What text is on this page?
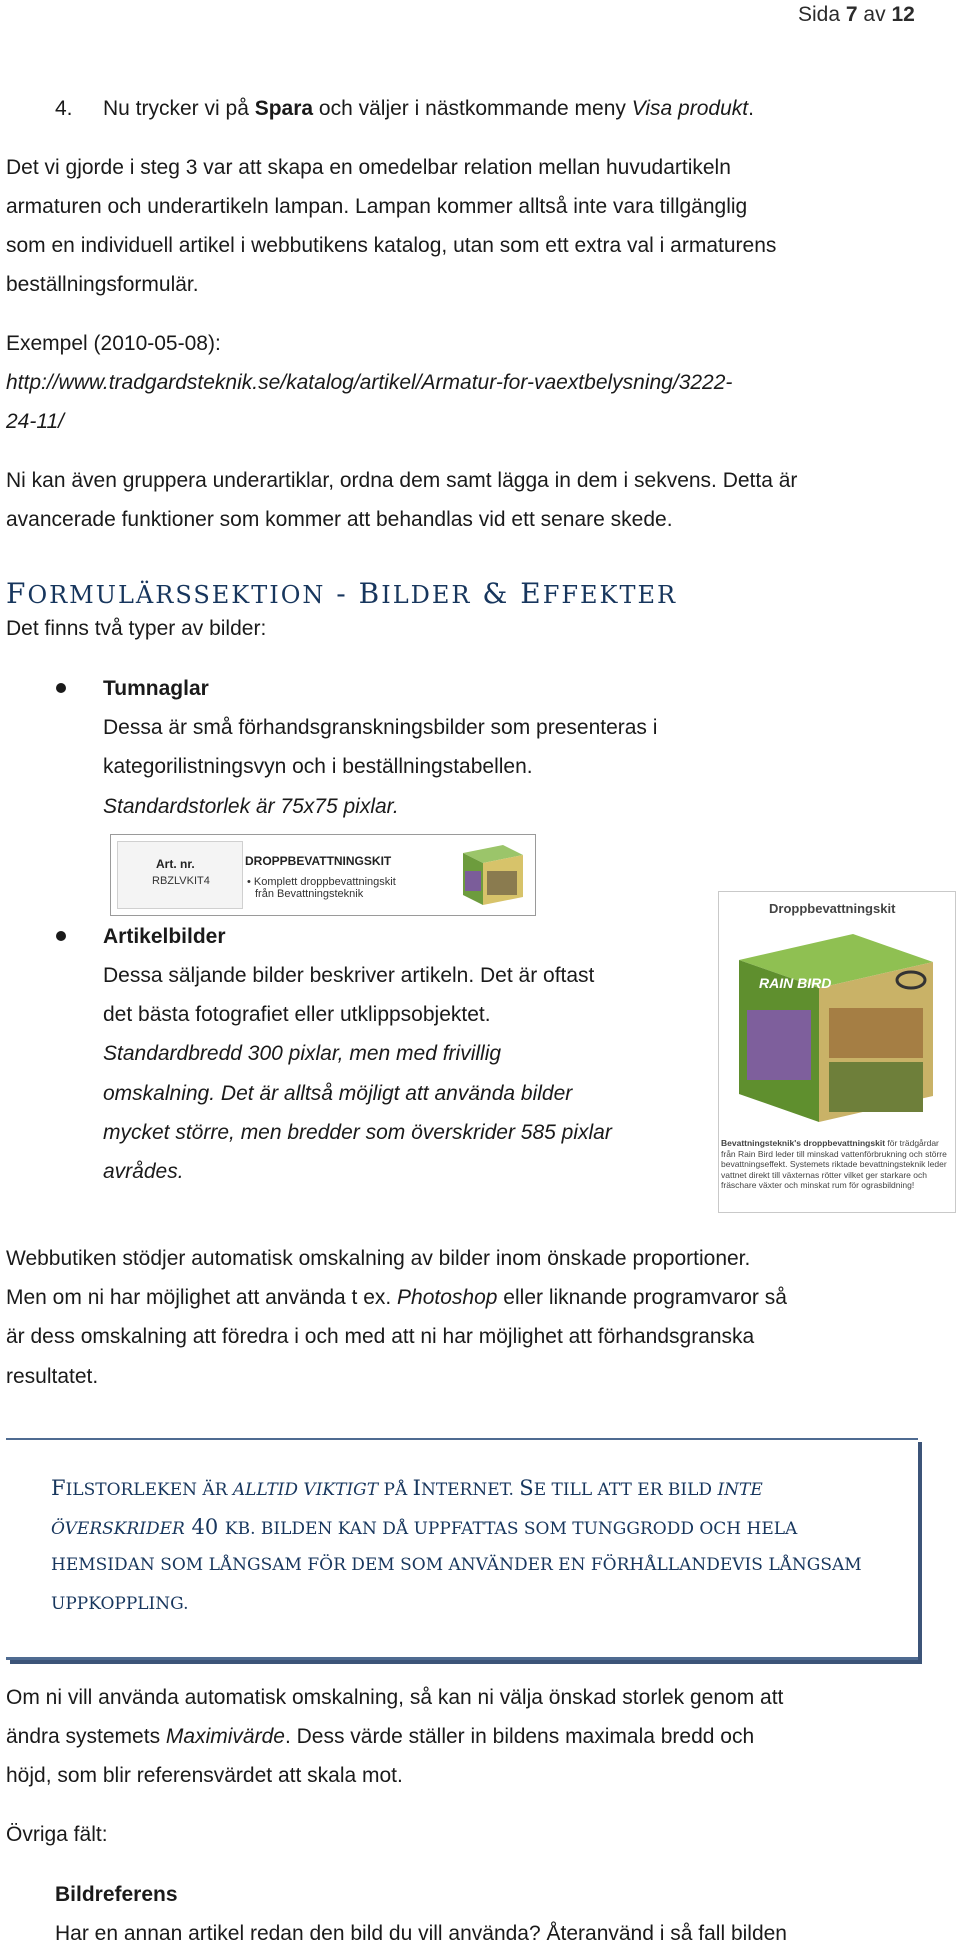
Sida 7 av 12
4. Nu trycker vi på Spara och väljer i nästkommande meny Visa produkt.
Det vi gjorde i steg 3 var att skapa en omedelbar relation mellan huvudartikeln
armaturen och underartikeln lampan. Lampan kommer alltså inte vara tillgänglig
som en individuell artikel i webbutikens katalog, utan som ett extra val i armaturens
beställningsformulär.
Exempel (2010-05-08):
http://www.tradgardsteknik.se/katalog/artikel/Armatur-for-vaextbelysning/3222-
24-11/
Ni kan även gruppera underartiklar, ordna dem samt lägga in dem i sekvens. Detta är
avancerade funktioner som kommer att behandlas vid ett senare skede.
FORMULÄRSSEKTION - BILDER & EFFEKTER
Det finns två typer av bilder:
Tumnaglar
Dessa är små förhandsgranskningsbilder som presenteras i
kategorilistningsvyn och i beställningstabellen.
Standardstorlek är 75x75 pixlar.
Art. nr.
RBZLVKIT4
DROPPBEVATTNINGSKIT
• Komplett droppbevattningskit
från Bevattningsteknik
Artikelbilder
Dessa säljande bilder beskriver artikeln. Det är oftast
det bästa fotografiet eller utklippsobjektet.
Standardbredd 300 pixlar, men med frivillig
omskalning. Det är alltså möjligt att använda bilder
mycket större, men bredder som överskrider 585 pixlar
avrådes.
Droppbevattningskit
RAIN BIRD
Bevattningsteknik's droppbevattningskit för trädgårdar
från Rain Bird leder till minskad vattenförbrukning och större
bevattningseffekt. Systemets riktade bevattningsteknik leder
vattnet direkt till växternas rötter vilket ger starkare och
fräschare växter och minskat rum för ograsbildning!
Webbutiken stödjer automatisk omskalning av bilder inom önskade proportioner.
Men om ni har möjlighet att använda t ex. Photoshop eller liknande programvaror så
är dess omskalning att föredra i och med att ni har möjlighet att förhandsgranska
resultatet.
FILSTORLEKEN ÄR ALLTID VIKTIGT PÅ INTERNET. SE TILL ATT ER BILD INTE
ÖVERSKRIDER 40 KB. BILDEN KAN DÅ UPPFATTAS SOM TUNGGRODD OCH HELA
HEMSIDAN SOM LÅNGSAM FÖR DEM SOM ANVÄNDER EN FÖRHÅLLANDEVIS LÅNGSAM
UPPKOPPLING.
Om ni vill använda automatisk omskalning, så kan ni välja önskad storlek genom att
ändra systemets Maximivärde. Dess värde ställer in bildens maximala bredd och
höjd, som blir referensvärdet att skala mot.
Övriga fält:
Bildreferens
Har en annan artikel redan den bild du vill använda? Återanvänd i så fall bilden
